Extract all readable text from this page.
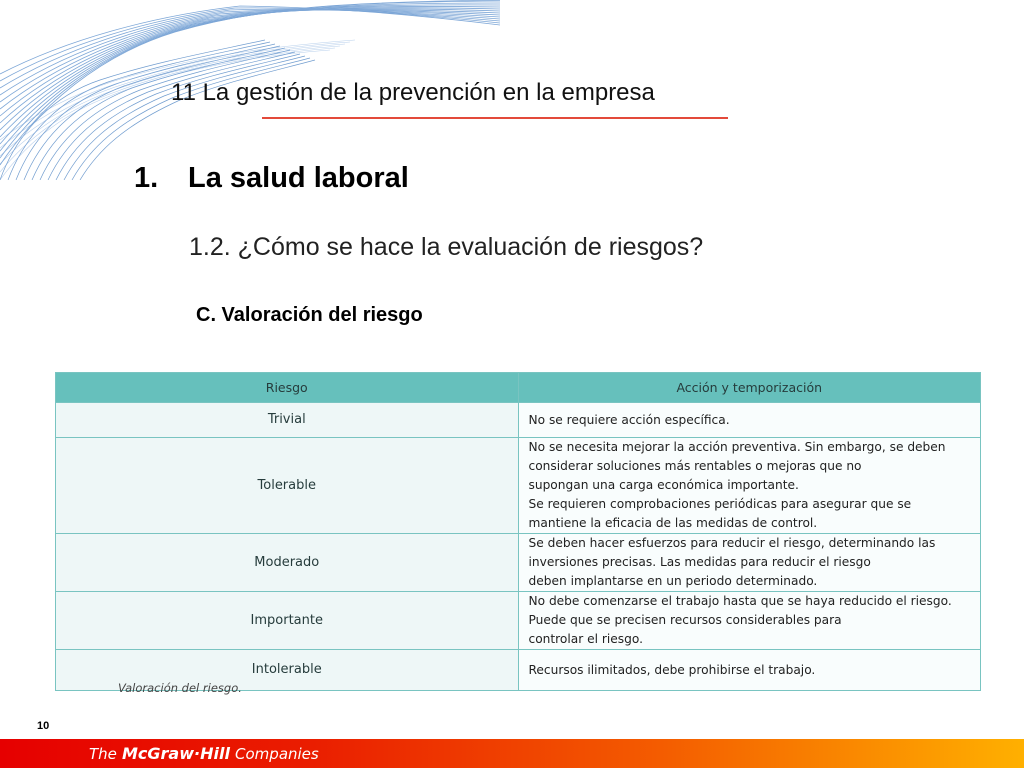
11 La gestión de la prevención en la empresa
1. La salud laboral
1.2. ¿Cómo se hace la evaluación de riesgos?
C. Valoración del riesgo
Riesgo	Acción y temporización
Trivial	No se requiere acción específica.

Tolerable	No se necesita mejorar la acción preventiva. Sin embargo, se deben considerar soluciones más rentables o mejoras que no
supongan una carga económica importante.
Se requieren comprobaciones periódicas para asegurar que se mantiene la eficacia de las medidas de control.

Moderado	Se deben hacer esfuerzos para reducir el riesgo, determinando las inversiones precisas. Las medidas para reducir el riesgo
deben implantarse en un periodo determinado.

Importante	No debe comenzarse el trabajo hasta que se haya reducido el riesgo. Puede que se precisen recursos considerables para
controlar el riesgo.

Intolerable	Recursos ilimitados, debe prohibirse el trabajo.
Valoración del riesgo.
10
The McGraw·Hill Companies
